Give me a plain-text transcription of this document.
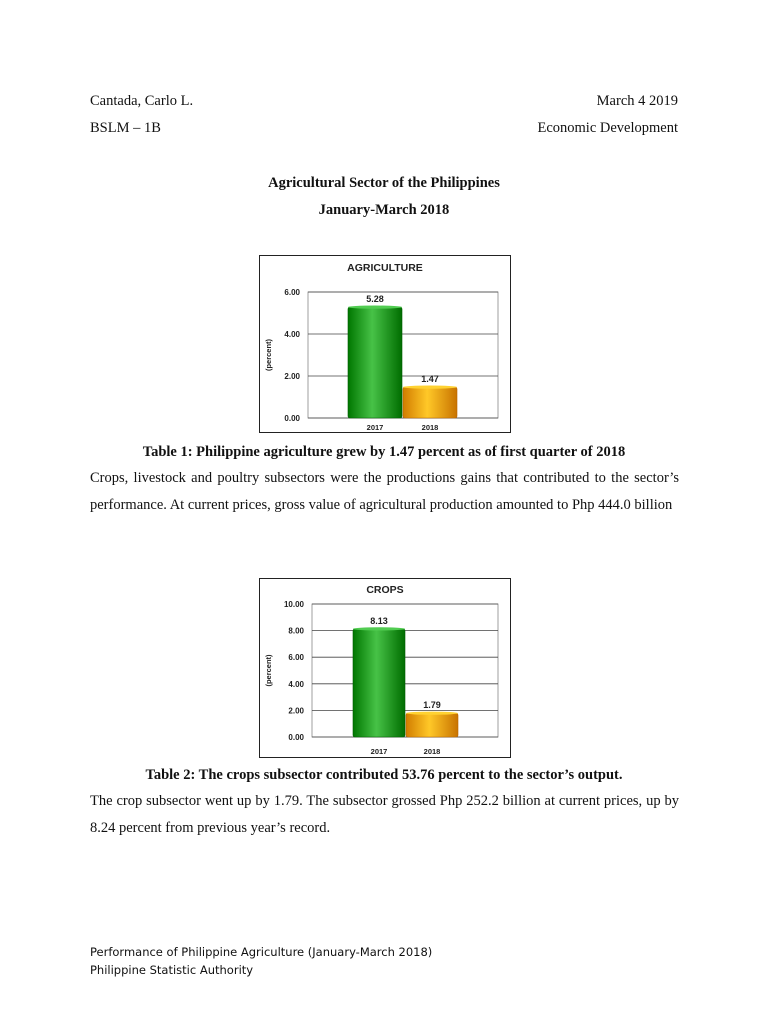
Cantada, Carlo L.
BSLM – 1B
March 4 2019
Economic Development
Agricultural Sector of the Philippines
January-March 2018
AGRICULTURE
0.00
2.00
4.00
6.00
(percent)
5.28
2017
1.47
2018
Table 1: Philippine agriculture grew by 1.47 percent as of first quarter of 2018
Crops, livestock and poultry subsectors were the productions gains that contributed to the sector’s performance. At current prices, gross value of agricultural production amounted to Php 444.0 billion
CROPS
0.00
2.00
4.00
6.00
8.00
10.00
(percent)
8.13
2017
1.79
2018
Table 2: The crops subsector contributed 53.76 percent to the sector’s output.
The crop subsector went up by 1.79. The subsector grossed Php 252.2 billion at current prices, up by 8.24 percent from previous year’s record.
Performance of Philippine Agriculture (January-March 2018)
Philippine Statistic Authority
